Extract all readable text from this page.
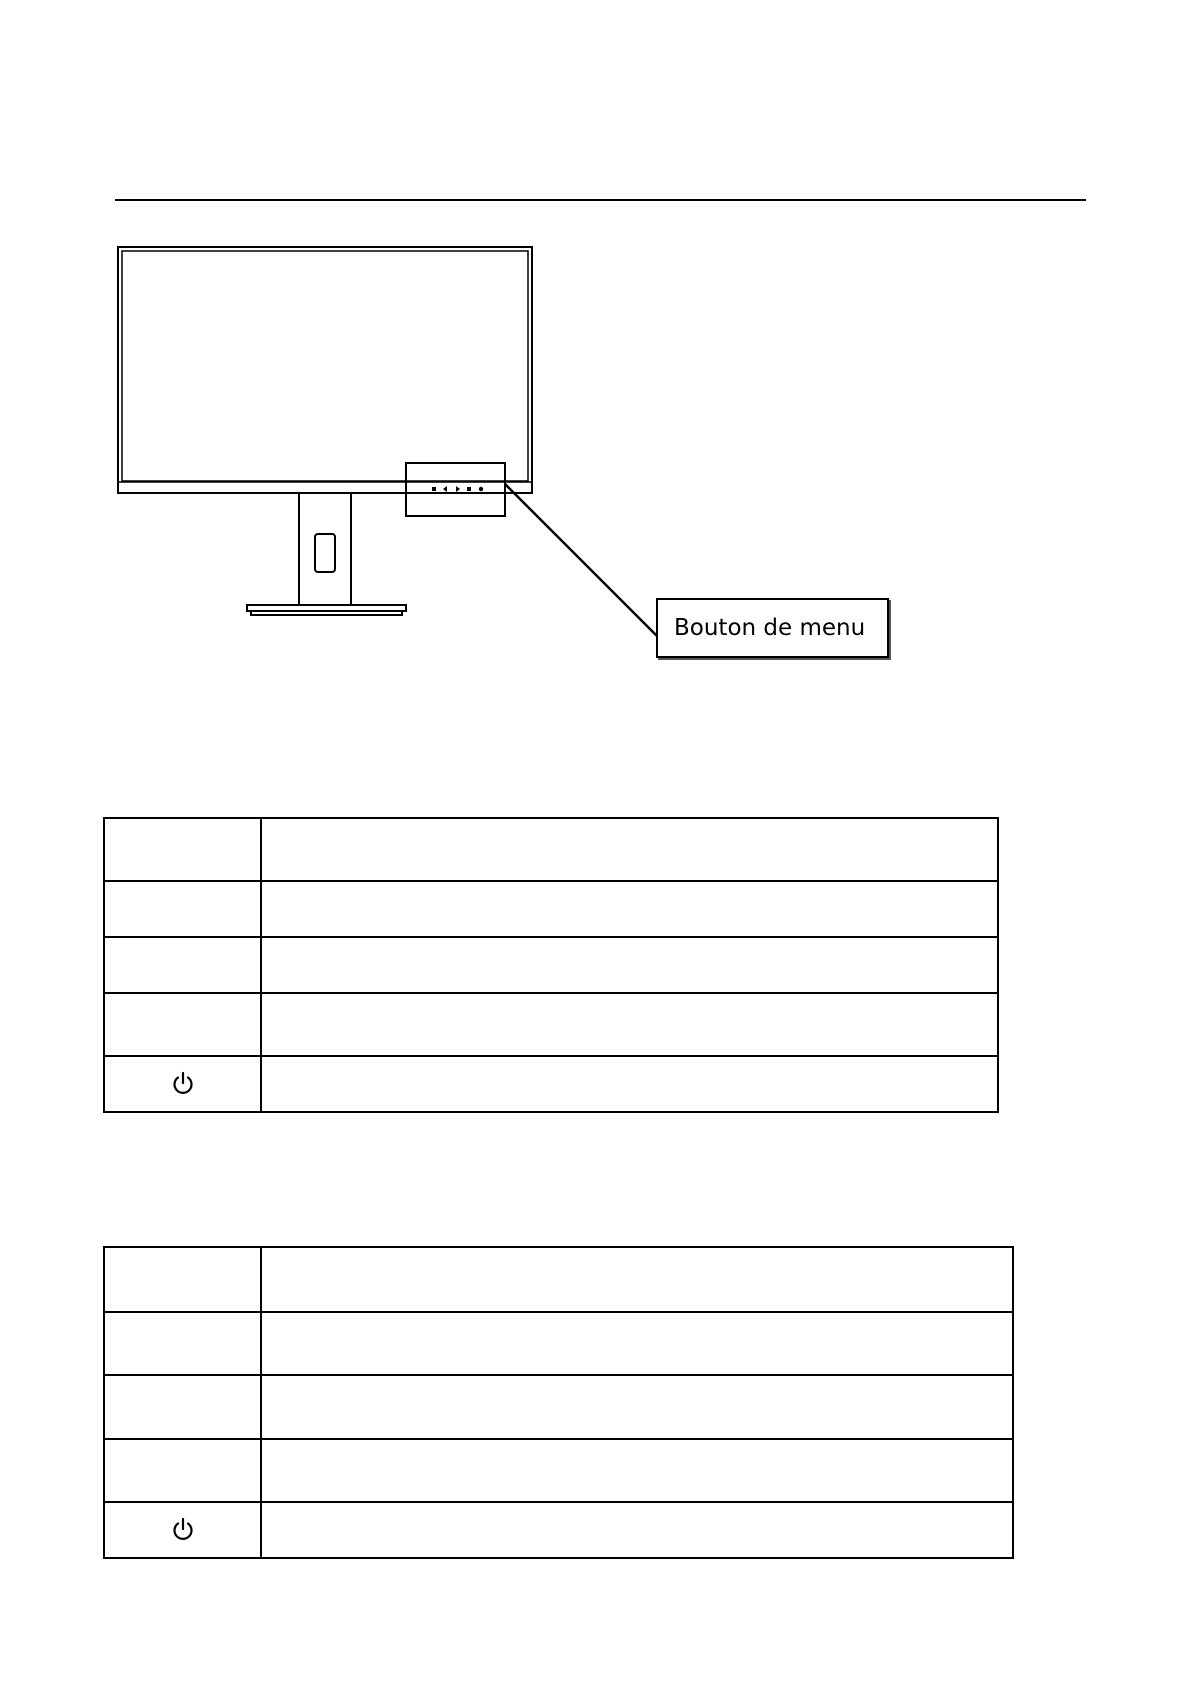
Bouton de menu
